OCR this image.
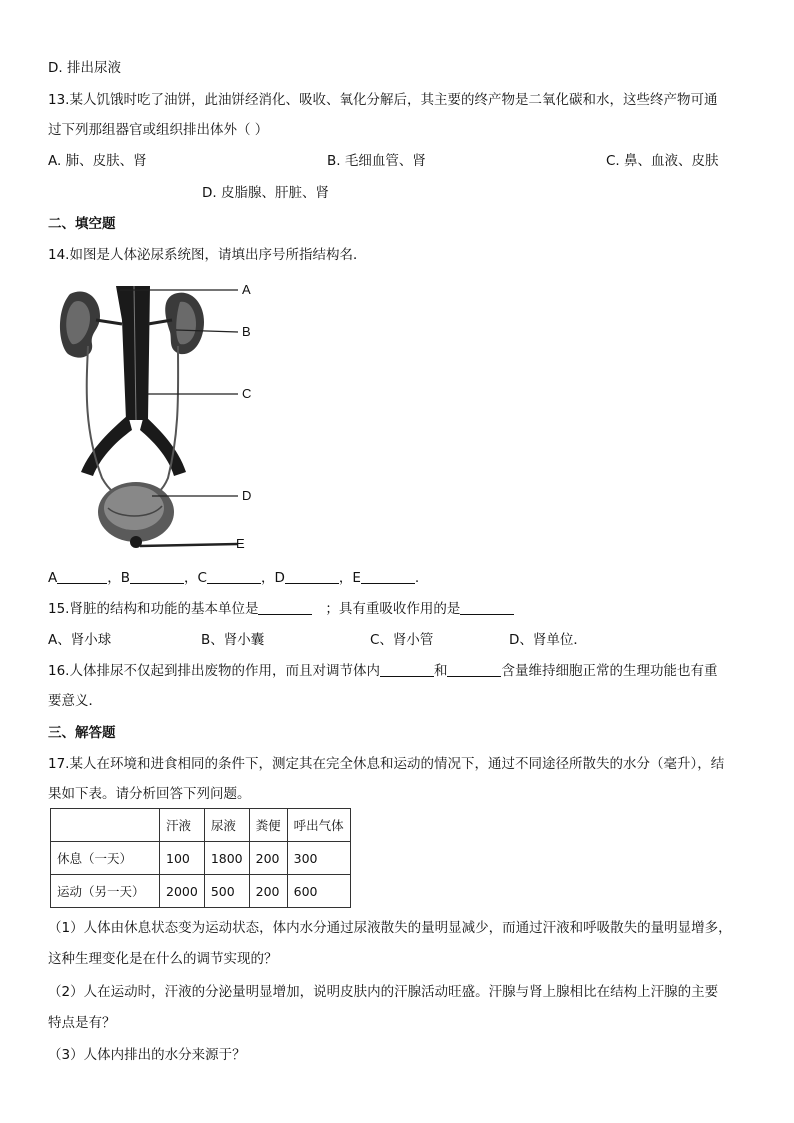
D. 排出尿液
13.某人饥饿时吃了油饼，此油饼经消化、吸收、氧化分解后，其主要的终产物是二氧化碳和水，这些终产物可通
过下列那组器官或组织排出体外（ ）
A. 肺、皮肤、肾	B. 毛细血管、肾	C. 鼻、血液、皮肤
D. 皮脂腺、肝脏、肾
二、填空题
14.如图是人体泌尿系统图，请填出序号所指结构名．
A
B
C
D
E
A	，B	，C	，D	，E	.
15.肾脏的结构和功能的基本单位是	；具有重吸收作用的是
A、肾小球	B、肾小囊	C、肾小管	D、肾单位．
16.人体排尿不仅起到排出废物的作用，而且对调节体内	和	含量维持细胞正常的生理功能也有重
要意义．
三、解答题
17.某人在环境和进食相同的条件下，测定其在完全休息和运动的情况下，通过不同途径所散失的水分（毫升），结
果如下表。请分析回答下列问题。
	汗液	尿液	粪便	呼出气体
休息（一天）	100	1800	200	300
运动（另一天）	2000	500	200	600
（1）人体由休息状态变为运动状态，体内水分通过尿液散失的量明显减少，而通过汗液和呼吸散失的量明显增多，
这种生理变化是在什么的调节实现的？
（2）人在运动时，汗液的分泌量明显增加，说明皮肤内的汗腺活动旺盛。汗腺与肾上腺相比在结构上汗腺的主要
特点是有？
（3）人体内排出的水分来源于？
